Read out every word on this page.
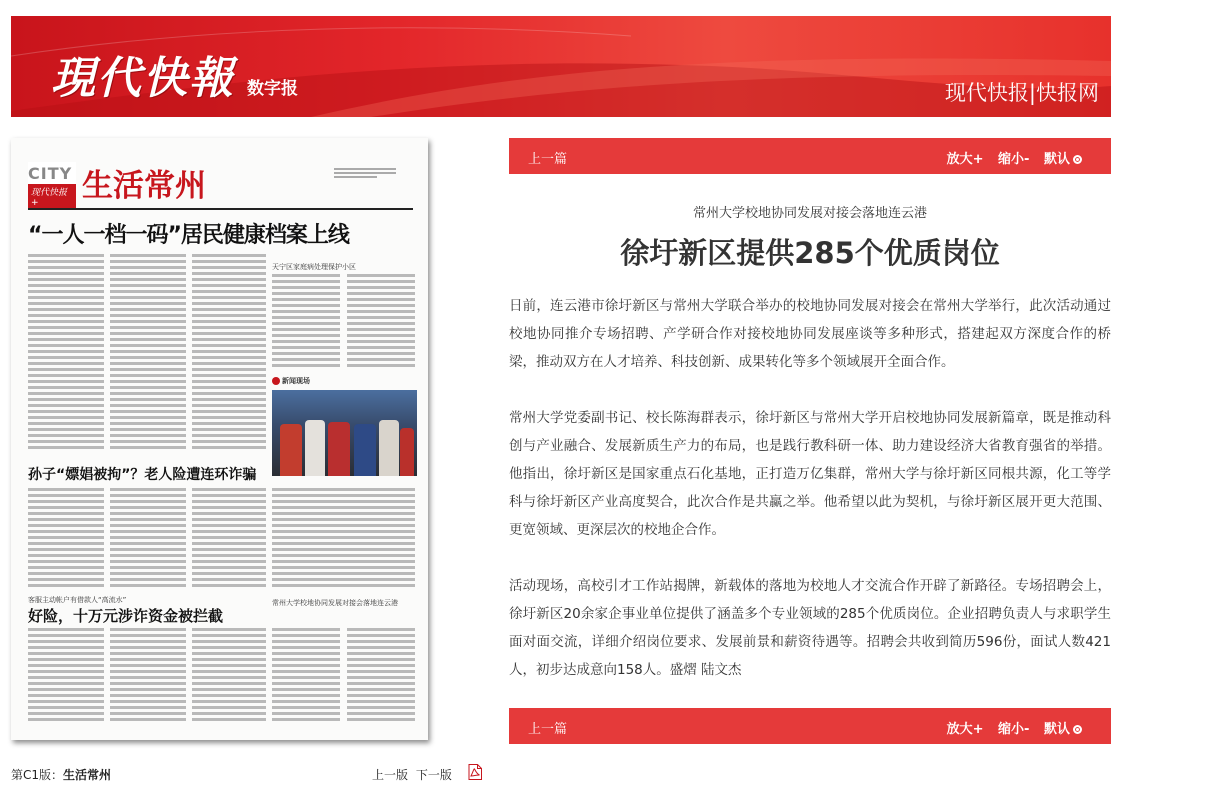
現代快報 数字报	现代快报|快报网
CITY
现代快报+	生活常州
“一人一档一码”居民健康档案上线
天宁区家庭病处理保护小区
新闻现场
孙子“嫖娼被拘”？老人险遭连环诈骗
客服主动帐户有借款人“高流水”
好险，十万元涉诈资金被拦截
常州大学校地协同发展对接会落地连云港
第C1版：生活常州	上一版 下一版
上一篇	放大+ 缩小- 默认
常州大学校地协同发展对接会落地连云港
徐圩新区提供285个优质岗位

日前，连云港市徐圩新区与常州大学联合举办的校地协同发展对接会在常州大学举行，此次活动通过校地协同推介专场招聘、产学研合作对接校地协同发展座谈等多种形式，搭建起双方深度合作的桥梁，推动双方在人才培养、科技创新、成果转化等多个领域展开全面合作。

常州大学党委副书记、校长陈海群表示，徐圩新区与常州大学开启校地协同发展新篇章，既是推动科创与产业融合、发展新质生产力的布局，也是践行教科研一体、助力建设经济大省教育强省的举措。他指出，徐圩新区是国家重点石化基地，正打造万亿集群，常州大学与徐圩新区同根共源，化工等学科与徐圩新区产业高度契合，此次合作是共赢之举。他希望以此为契机，与徐圩新区展开更大范围、更宽领域、更深层次的校地企合作。

活动现场，高校引才工作站揭牌，新载体的落地为校地人才交流合作开辟了新路径。专场招聘会上，徐圩新区20余家企事业单位提供了涵盖多个专业领域的285个优质岗位。企业招聘负责人与求职学生面对面交流，详细介绍岗位要求、发展前景和薪资待遇等。招聘会共收到简历596份，面试人数421人，初步达成意向158人。盛熠 陆文杰

上一篇	放大+ 缩小- 默认
